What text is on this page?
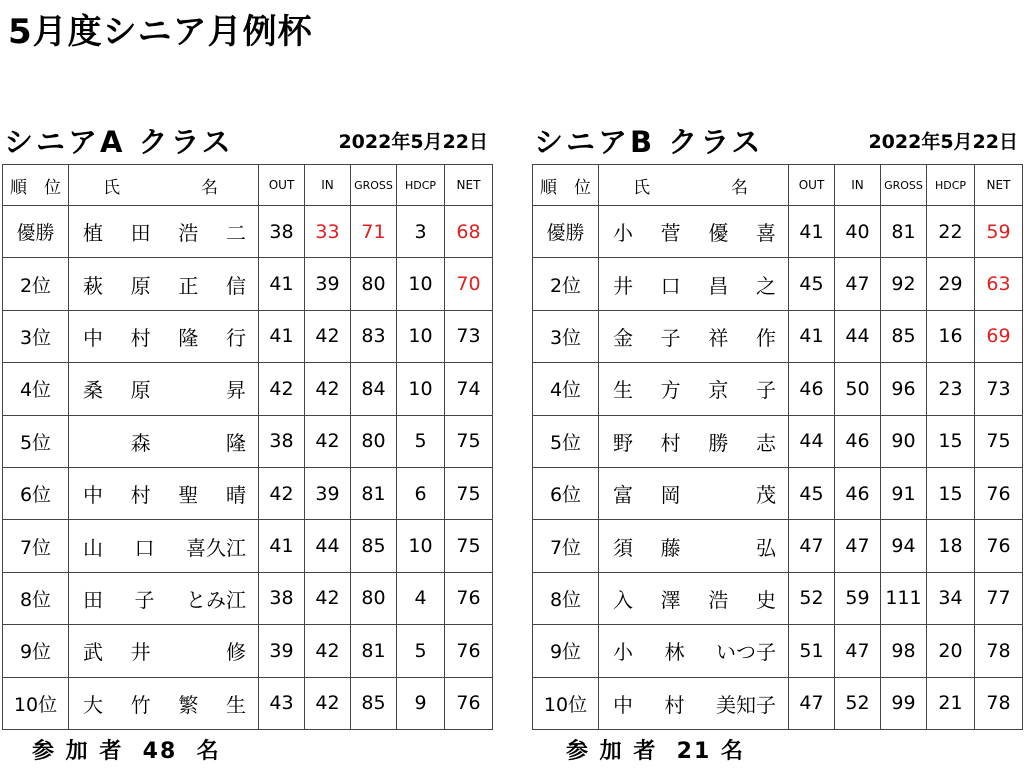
5月度シニア月例杯
シニアA クラス	2022年5月22日
順　位	氏 名	OUT	IN	GROSS	HDCP	NET
優勝	植 田 浩 二	38	33	71	3	68
2位	萩 原 正 信	41	39	80	10	70
3位	中 村 隆 行	41	42	83	10	73
4位	桑 原 昇	42	42	84	10	74
5位	森 隆	38	42	80	5	75
6位	中 村 聖 晴	42	39	81	6	75
7位	山 口 喜久江	41	44	85	10	75
8位	田 子 とみ江	38	42	80	4	76
9位	武 井 修	39	42	81	5	76
10位	大 竹 繁 生	43	42	85	9	76
シニアB クラス	2022年5月22日
順　位	氏 名	OUT	IN	GROSS	HDCP	NET
優勝	小 菅 優 喜	41	40	81	22	59
2位	井 口 昌 之	45	47	92	29	63
3位	金 子 祥 作	41	44	85	16	69
4位	生 方 京 子	46	50	96	23	73
5位	野 村 勝 志	44	46	90	15	75
6位	富 岡 茂	45	46	91	15	76
7位	須 藤 弘	47	47	94	18	76
8位	入 澤 浩 史	52	59	111	34	77
9位	小 林 いつ子	51	47	98	20	78
10位	中 村 美知子	47	52	99	21	78
参 加 者  48  名	参 加 者  21 名
